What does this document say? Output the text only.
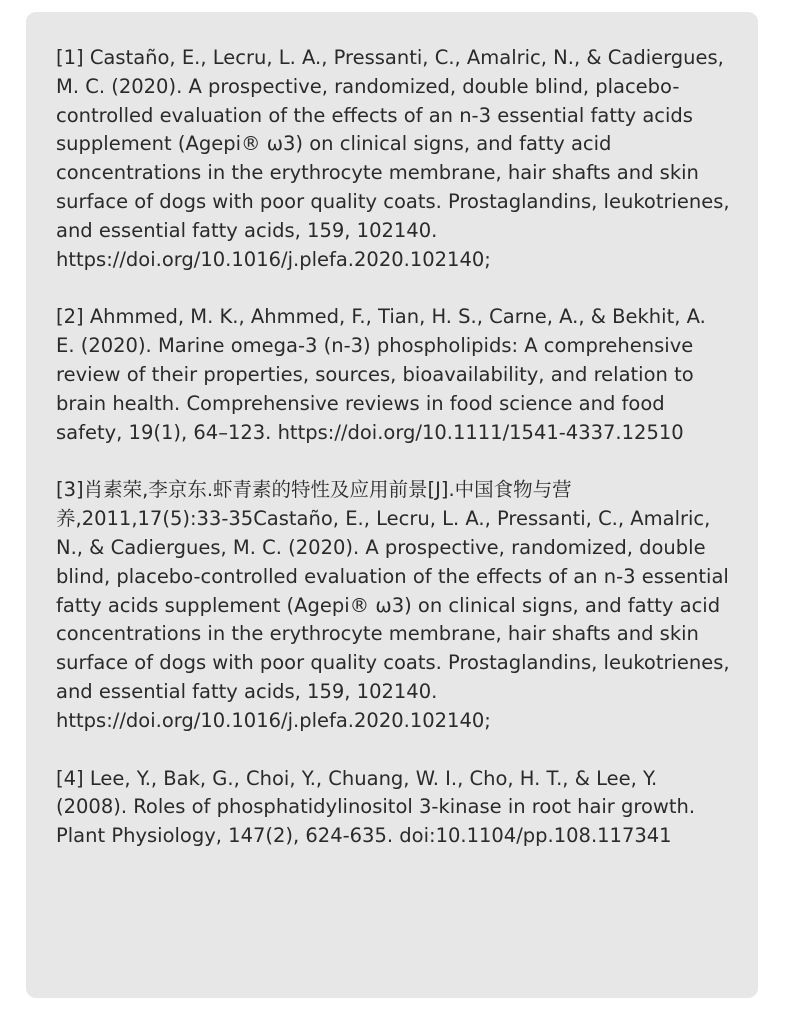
[1] Castaño, E., Lecru, L. A., Pressanti, C., Amalric, N., & Cadiergues, M. C. (2020). A prospective, randomized, double blind, placebo-controlled evaluation of the effects of an n-3 essential fatty acids supplement (Agepi® ω3) on clinical signs, and fatty acid concentrations in the erythrocyte membrane, hair shafts and skin surface of dogs with poor quality coats. Prostaglandins, leukotrienes, and essential fatty acids, 159, 102140. https://doi.org/10.1016/j.plefa.2020.102140;

[2] Ahmmed, M. K., Ahmmed, F., Tian, H. S., Carne, A., & Bekhit, A. E. (2020). Marine omega-3 (n-3) phospholipids: A comprehensive review of their properties, sources, bioavailability, and relation to brain health. Comprehensive reviews in food science and food safety, 19(1), 64–123. https://doi.org/10.1111/1541-4337.12510

[3]肖素荣,李京东.虾青素的特性及应用前景[J].中国食物与营养,2011,17(5):33-35Castaño, E., Lecru, L. A., Pressanti, C., Amalric, N., & Cadiergues, M. C. (2020). A prospective, randomized, double blind, placebo-controlled evaluation of the effects of an n-3 essential fatty acids supplement (Agepi® ω3) on clinical signs, and fatty acid concentrations in the erythrocyte membrane, hair shafts and skin surface of dogs with poor quality coats. Prostaglandins, leukotrienes, and essential fatty acids, 159, 102140. https://doi.org/10.1016/j.plefa.2020.102140;

[4] Lee, Y., Bak, G., Choi, Y., Chuang, W. I., Cho, H. T., & Lee, Y. (2008). Roles of phosphatidylinositol 3-kinase in root hair growth. Plant Physiology, 147(2), 624-635. doi:10.1104/pp.108.117341
